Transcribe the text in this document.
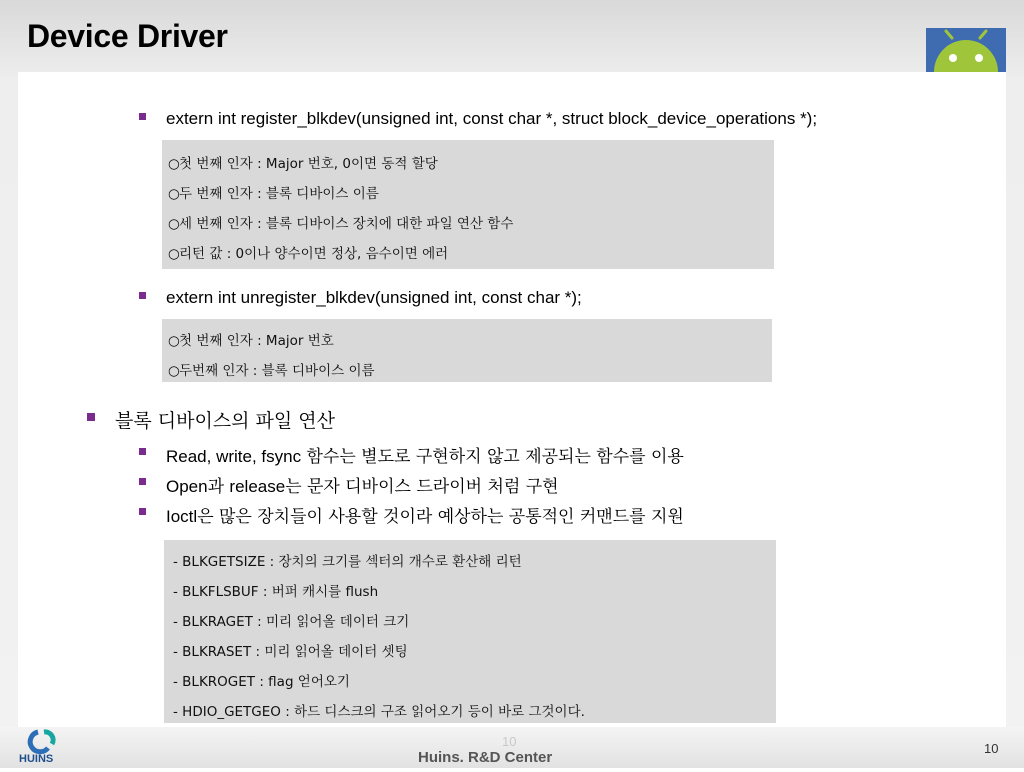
Device Driver
extern int register_blkdev(unsigned int, const char *, struct block_device_operations *);
○첫 번째 인자 : Major 번호, 0이면 동적 할당
○두 번째 인자 : 블록 디바이스 이름
○세 번째 인자 : 블록 디바이스 장치에 대한 파일 연산 함수
○리턴 값 : 0이나 양수이면 정상, 음수이면 에러
extern int unregister_blkdev(unsigned int, const char *);
○첫 번째 인자 : Major 번호
○두번째 인자 : 블록 디바이스 이름
블록 디바이스의 파일 연산
Read, write, fsync 함수는 별도로 구현하지 않고 제공되는 함수를 이용
Open과 release는 문자 디바이스 드라이버 처럼 구현
Ioctl은 많은 장치들이 사용할 것이라 예상하는 공통적인 커맨드를 지원
- BLKGETSIZE : 장치의 크기를 섹터의 개수로 환산해 리턴
- BLKFLSBUF : 버퍼 캐시를 flush
- BLKRAGET : 미리 읽어올 데이터 크기
- BLKRASET : 미리 읽어올 데이터 셋팅
- BLKROGET : flag 얻어오기
- HDIO_GETGEO : 하드 디스크의 구조 읽어오기 등이 바로 그것이다.
HUINS
10
Huins. R&D Center
10
